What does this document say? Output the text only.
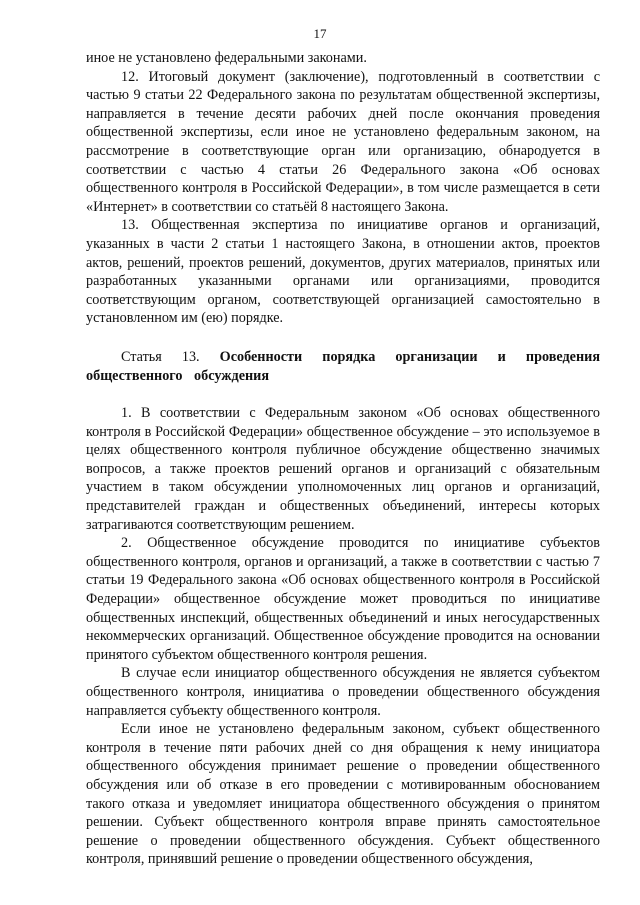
17

иное не установлено федеральными законами.

12. Итоговый документ (заключение), подготовленный в соответствии с частью 9 статьи 22 Федерального закона по результатам общественной экспертизы, направляется в течение десяти рабочих дней после окончания проведения общественной экспертизы, если иное не установлено федеральным законом, на рассмотрение в соответствующие орган или организацию, обнародуется в соответствии с частью 4 статьи 26 Федерального закона «Об основах общественного контроля в Российской Федерации», в том числе размещается в сети «Интернет» в соответствии со статьёй 8 настоящего Закона.

13. Общественная экспертиза по инициативе органов и организаций, указанных в части 2 статьи 1 настоящего Закона, в отношении актов, проектов актов, решений, проектов решений, документов, других материалов, принятых или разработанных указанными органами или организациями, проводится соответствующим органом, соответствующей организацией самостоятельно в установленном им (ею) порядке.

Статья 13. Особенности порядка организации и проведения общественного обсуждения

1. В соответствии с Федеральным законом «Об основах общественного контроля в Российской Федерации» общественное обсуждение – это используемое в целях общественного контроля публичное обсуждение общественно значимых вопросов, а также проектов решений органов и организаций с обязательным участием в таком обсуждении уполномоченных лиц органов и организаций, представителей граждан и общественных объединений, интересы которых затрагиваются соответствующим решением.

2. Общественное обсуждение проводится по инициативе субъектов общественного контроля, органов и организаций, а также в соответствии с частью 7 статьи 19 Федерального закона «Об основах общественного контроля в Российской Федерации» общественное обсуждение может проводиться по инициативе общественных инспекций, общественных объединений и иных негосударственных некоммерческих организаций. Общественное обсуждение проводится на основании принятого субъектом общественного контроля решения.

В случае если инициатор общественного обсуждения не является субъектом общественного контроля, инициатива о проведении общественного обсуждения направляется субъекту общественного контроля.

Если иное не установлено федеральным законом, субъект общественного контроля в течение пяти рабочих дней со дня обращения к нему инициатора общественного обсуждения принимает решение о проведении общественного обсуждения или об отказе в его проведении с мотивированным обоснованием такого отказа и уведомляет инициатора общественного обсуждения о принятом решении. Субъект общественного контроля вправе принять самостоятельное решение о проведении общественного обсуждения. Субъект общественного контроля, принявший решение о проведении общественного обсуждения,
